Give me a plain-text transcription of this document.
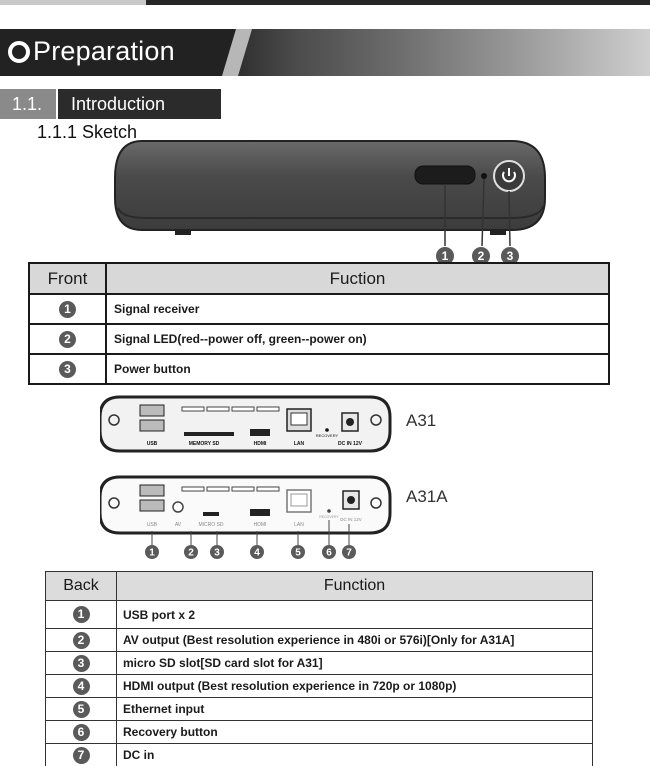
Preparation
1.1.	Introduction
1.1.1 Sketch
1 2 3
Front	Fuction
1	Signal receiver
2	Signal LED(red--power off, green--power on)
3	Power button
USB	MEMORY SD	HDMI	LAN
RECOVERY
DC IN 12V
USB	AV	MICRO SD	HDMI	LAN
RECOVERY DC IN 12V
1	2 3	4	5	6 7
A31
A31A
Back	Function
1	USB port x 2
2	AV output (Best resolution experience in 480i or 576i)[Only for A31A]
3	micro SD slot[SD card slot for A31]
4	HDMI output (Best resolution experience in 720p or 1080p)
5	Ethernet input
6	Recovery button
7	DC in
